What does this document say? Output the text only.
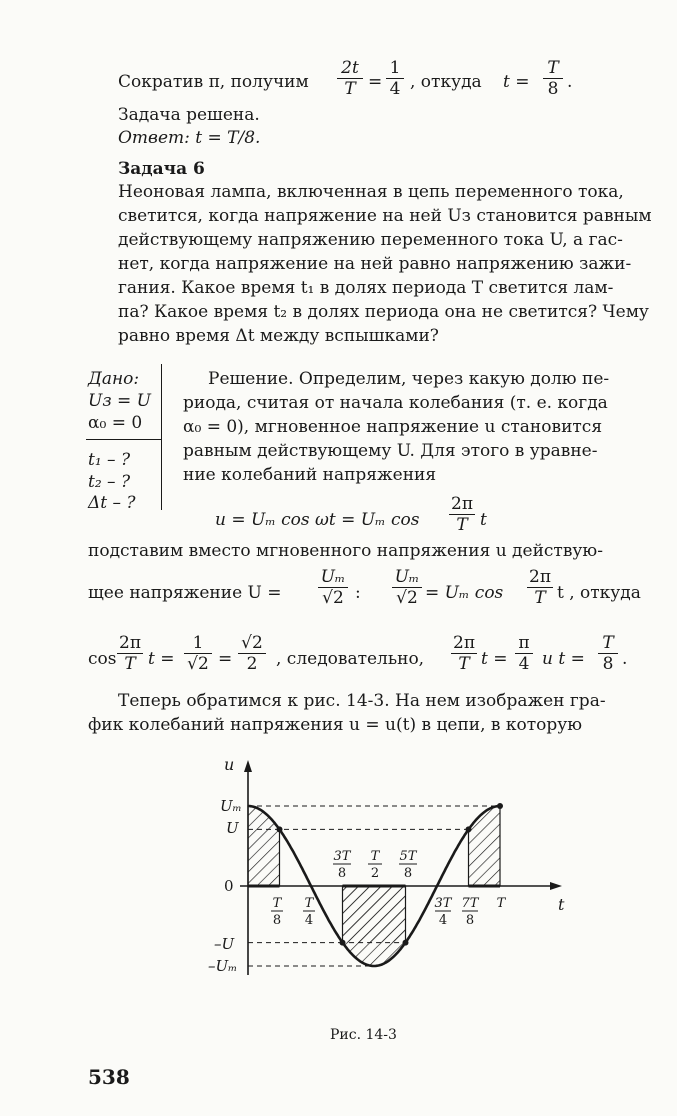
Сократив π, получим $\frac{2t}{T} = \frac{1}{4}$ , откуда $t = \frac{T}{8}$ .
Задача решена.
Ответ: t = T/8.
Задача 6
Неоновая лампа, включенная в цепь переменного тока,
светится, когда напряжение на ней Uз становится равным
действующему напряжению переменного тока U, а гас-
нет, когда напряжение на ней равно напряжению зажи-
гания. Какое время t₁ в долях периода T светится лам-
па? Какое время t₂ в долях периода она не светится? Чему
равно время Δt между вспышками?
Дано:
Uз = U
α₀ = 0
t₁ – ?
t₂ – ?
Δt – ?
Решение. Определим, через какую долю пе-
риода, считая от начала колебания (т. е. когда
α₀ = 0), мгновенное напряжение u становится
равным действующему U. Для этого в уравне-
ние колебаний напряжения
u = Uₘ cos ωt = Uₘ $\cos \frac{2\pi}{T}$ t
подставим вместо мгновенного напряжения u действую-
щее напряжение $U = \frac{\text{Uₘ}}{√2}$ : $\frac{\text{Uₘ}}{√2} = U_m$ $\cos \frac{2\pi}{T}$ t , откуда
$\cos \frac{2\pi}{T}$ $t = \frac{1}{√2} = \frac{√2}{2}$ , следовательно, $\frac{2\pi}{T}$ $t = \frac{\pi}{4}$ и $t = \frac{T}{8}$ .
Теперь обратимся к рис. 14-3. На нем изображен гра-
фик колебаний напряжения u = u(t) в цепи, в которую
u
t
Uₘ
U
0
–U
–Uₘ
3T
8
T
2
5T
8
T
8
T
4
3T
4
7T
8
T
Рис. 14-3
538
